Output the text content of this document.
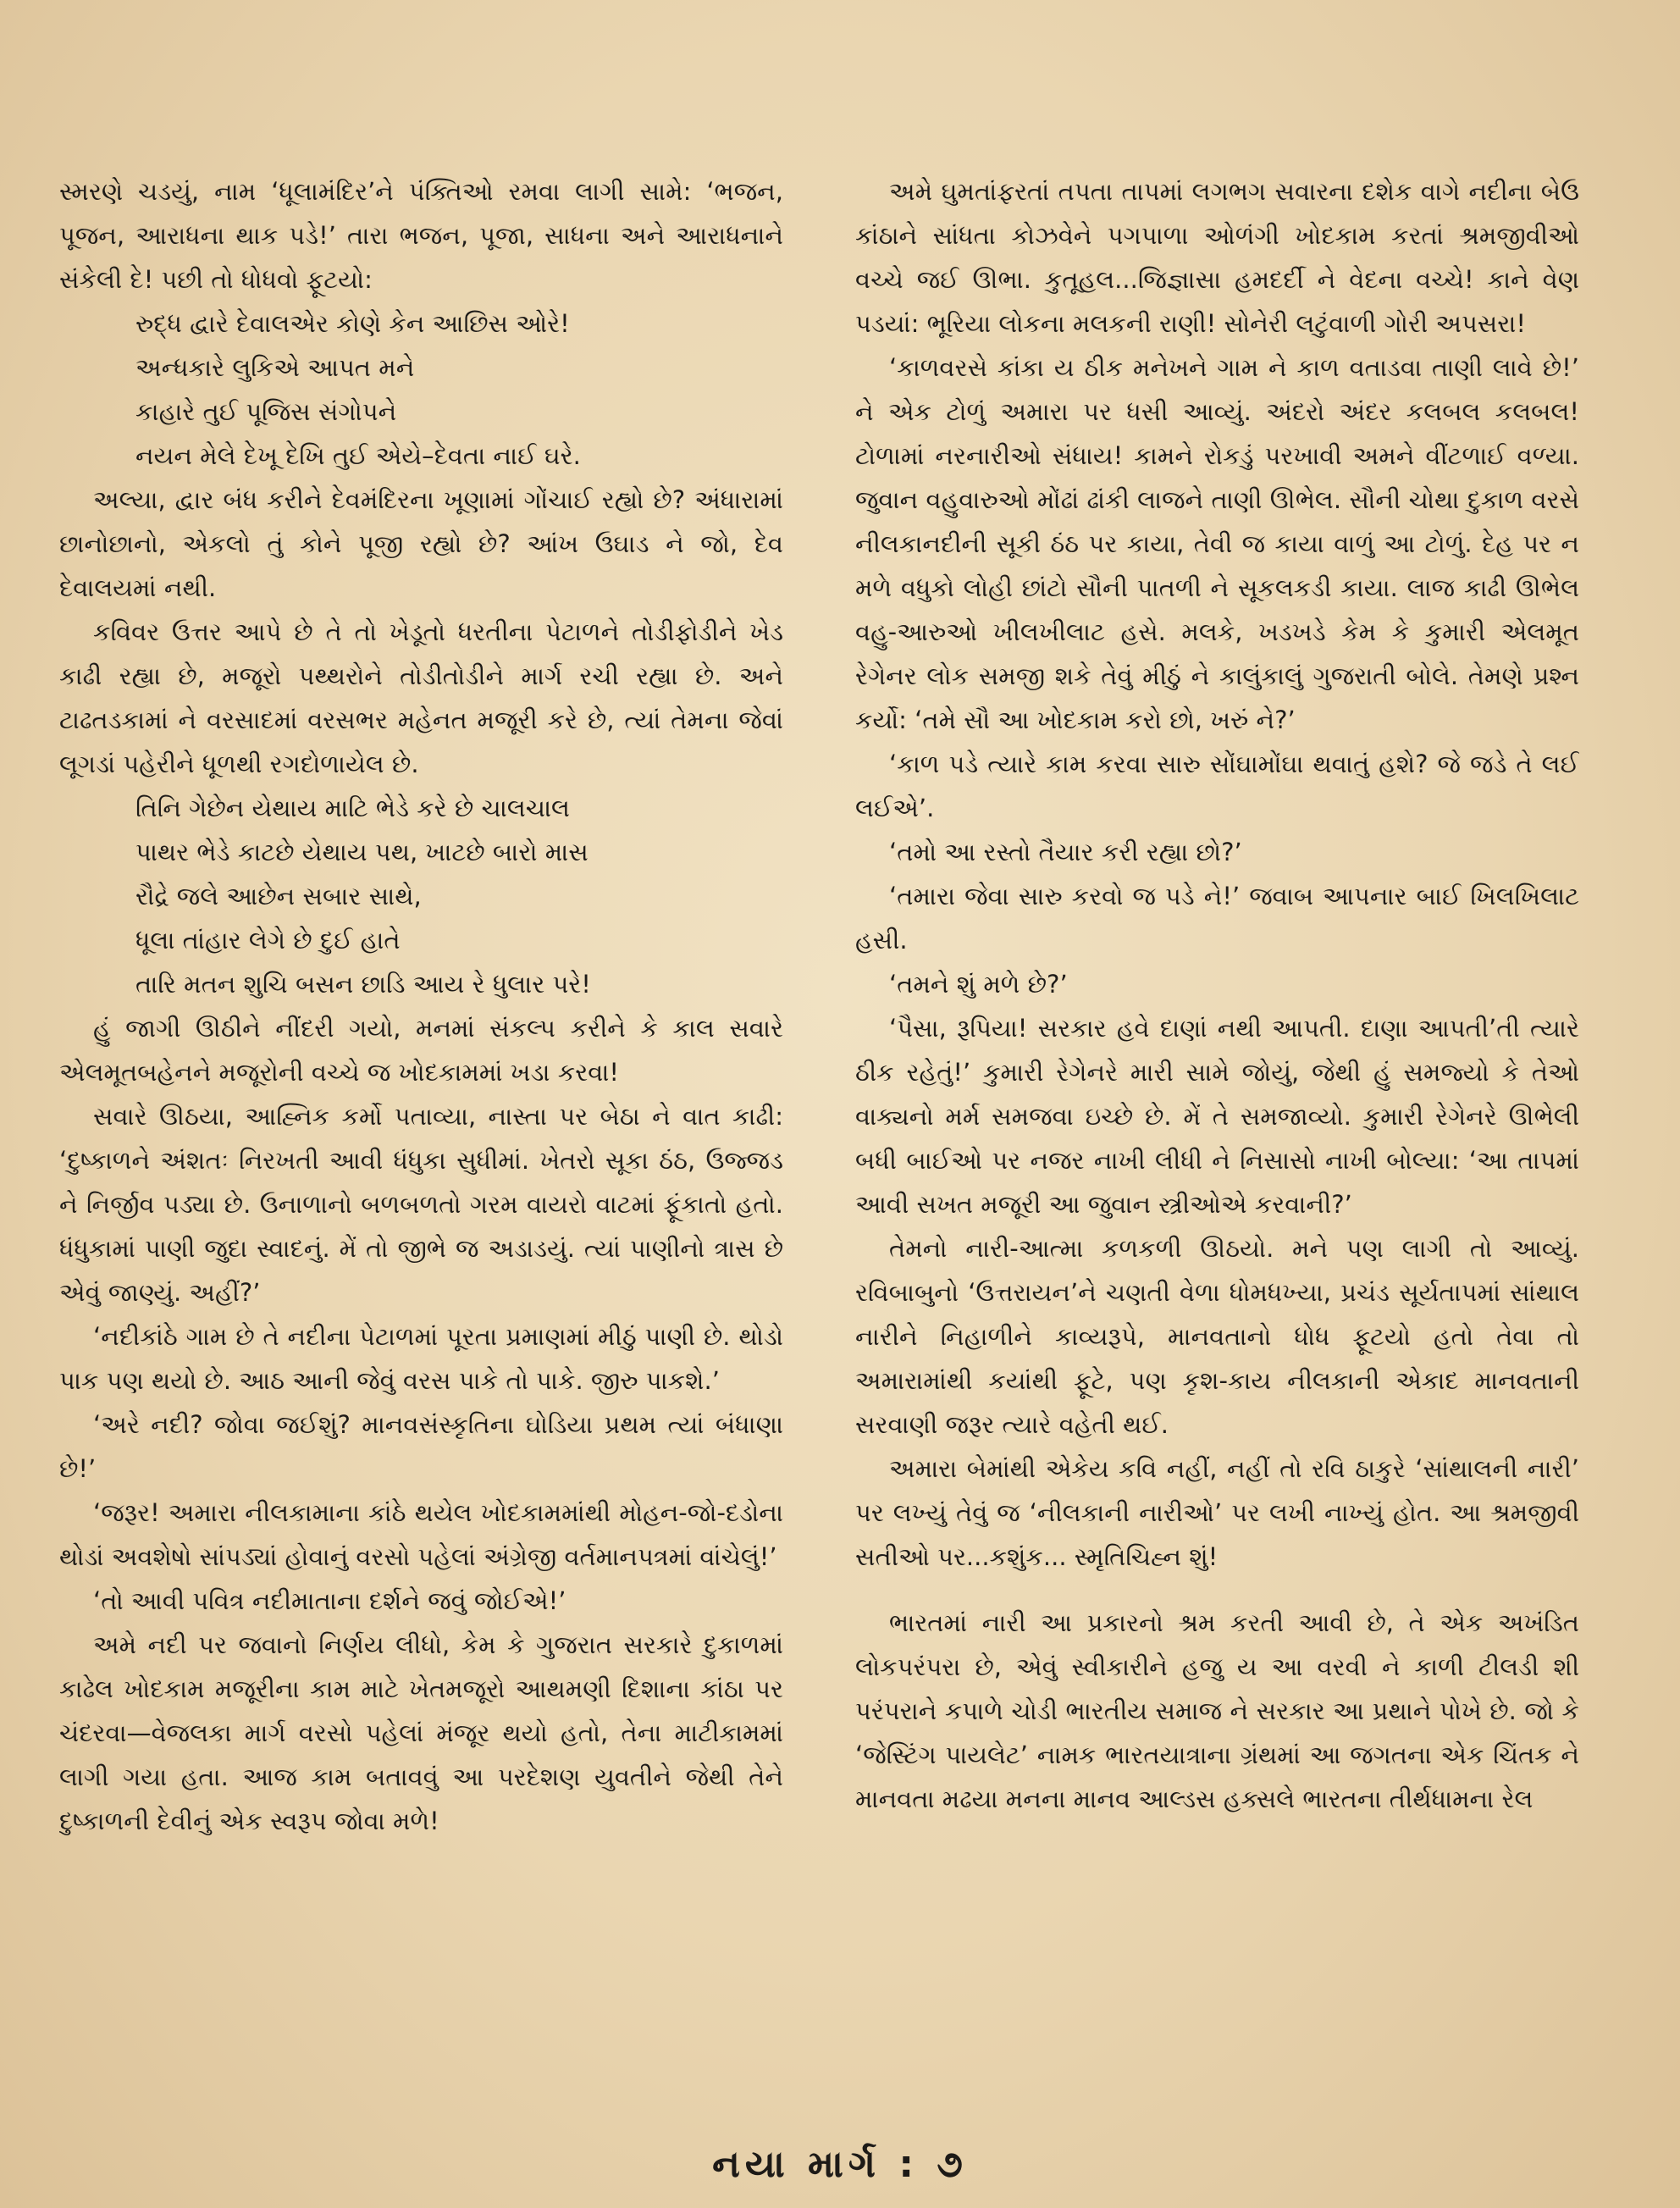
સ્મરણે ચડયું, નામ ‘ધૂલામંદિર’ને પંક્તિઓ રમવા લાગી સામે: ‘ભજન, પૂજન, આરાધના થાક પડે!’ તારા ભજન, પૂજા, સાધના અને આરાધનાને સંકેલી દે! પછી તો ધોધવો ફૂટયો:

રુદ્ધ દ્વારે દેવાલએર કોણે કેન આછિસ ઓરે!
અન્ધકારે લુકિએ આપત મને
કાહારે તુઈ પૂજિસ સંગોપને
નયન મેલે દેખૂ દેખિ તુઈ એયે–દેવતા નાઈ ઘરે.

અલ્યા, દ્વાર બંધ કરીને દેવમંદિરના ખૂણામાં ગોંચાઈ રહ્યો છે? અંધારામાં છાનોછાનો, એકલો તું કોને પૂજી રહ્યો છે? આંખ ઉઘાડ ને જો, દેવ દેવાલયમાં નથી.

કવિવર ઉત્તર આપે છે તે તો ખેડૂતો ધરતીના પેટાળને તોડીફોડીને ખેડ કાઢી રહ્યા છે, મજૂરો પથ્થરોને તોડીતોડીને માર્ગ રચી રહ્યા છે. અને ટાઢતડકામાં ને વરસાદમાં વરસભર મહેનત મજૂરી કરે છે, ત્યાં તેમના જેવાં લૂગડાં પહેરીને ધૂળથી રગદોળાયેલ છે.

તિનિ ગેછેન યેથાય માટિ ભેડે કરે છે ચાલચાલ
પાથર ભેડે કાટછે યેથાય પથ, ખાટછે બારો માસ
રૌદ્રે જલે આછેન સબાર સાથે,
ધૂલા તાંહાર લેગે છે દુઈ હાતે
તારિ મતન શુચિ બસન છાડિ આય રે ધુલાર પરે!

હું જાગી ઊઠીને નીંદરી ગયો, મનમાં સંકલ્પ કરીને કે કાલ સવારે એલમૂતબહેનને મજૂરોની વચ્ચે જ ખોદકામમાં ખડા કરવા!

સવારે ઊઠયા, આહ્નિક કર્મો પતાવ્યા, નાસ્તા પર બેઠા ને વાત કાઢી: ‘દુષ્કાળને અંશતઃ નિરખતી આવી ધંધુકા સુધીમાં. ખેતરો સૂકા ઠંઠ, ઉજ્જડ ને નિર્જીવ પડ્યા છે. ઉનાળાનો બળબળતો ગરમ વાયરો વાટમાં ફૂંકાતો હતો. ધંધુકામાં પાણી જુદા સ્વાદનું. મેં તો જીભે જ અડાડયું. ત્યાં પાણીનો ત્રાસ છે એવું જાણ્યું. અહીં?’

‘નદીકાંઠે ગામ છે તે નદીના પેટાળમાં પૂરતા પ્રમાણમાં મીઠું પાણી છે. થોડો પાક પણ થયો છે. આઠ આની જેવું વરસ પાકે તો પાકે. જીરુ પાકશે.’

‘અરે નદી? જોવા જઈશું? માનવસંસ્કૃતિના ઘોડિયા પ્રથમ ત્યાં બંધાણા છે!’

‘જરૂર! અમારા નીલકામાના કાંઠે થયેલ ખોદકામમાંથી મોહન-જો-દડોના થોડાં અવશેષો સાંપડ્યાં હોવાનું વરસો પહેલાં અંગ્રેજી વર્તમાનપત્રમાં વાંચેલું!’

‘તો આવી પવિત્ર નદીમાતાના દર્શને જવું જોઈએ!’

અમે નદી પર જવાનો નિર્ણય લીધો, કેમ કે ગુજરાત સરકારે દુકાળમાં કાઢેલ ખોદકામ મજૂરીના કામ માટે ખેતમજૂરો આથમણી દિશાના કાંઠા પર ચંદરવા—વેજલકા માર્ગ વરસો પહેલાં મંજૂર થયો હતો, તેના માટીકામમાં લાગી ગયા હતા. આજ કામ બતાવવું આ પરદેશણ યુવતીને જેથી તેને દુષ્કાળની દેવીનું એક સ્વરૂપ જોવા મળે!

અમે ઘુમતાંફરતાં તપતા તાપમાં લગભગ સવારના દશેક વાગે નદીના બેઉ કાંઠાને સાંધતા કોઝવેને પગપાળા ઓળંગી ખોદકામ કરતાં શ્રમજીવીઓ વચ્ચે જઈ ઊભા. કુતૂહલ...જિજ્ઞાસા હમદર્દી ને વેદના વચ્ચે! કાને વેણ પડયાં: ભૂરિયા લોકના મલકની રાણી! સોનેરી લટુંવાળી ગોરી અપસરા!

‘કાળવરસે કાંકા ય ઠીક મનેખને ગામ ને કાળ વતાડવા તાણી લાવે છે!’ ને એક ટોળું અમારા પર ધસી આવ્યું. અંદરો અંદર કલબલ કલબલ! ટોળામાં નરનારીઓ સંધાય! કામને રોકડું પરખાવી અમને વીંટળાઈ વળ્યા. જુવાન વહુવારુઓ મોંઢાં ઢાંકી લાજને તાણી ઊભેલ. સૌની ચોથા દુકાળ વરસે નીલકાનદીની સૂકી ઠંઠ પર કાયા, તેવી જ કાયા વાળું આ ટોળું. દેહ પર ન મળે વધુકો લોહી છાંટો સૌની પાતળી ને સૂકલકડી કાયા. લાજ કાઢી ઊભેલ વહુ-આરુઓ ખીલખીલાટ હસે. મલકે, ખડખડે કેમ કે કુમારી એલમૂત રેગેનર લોક સમજી શકે તેવું મીઠું ને કાલુંકાલું ગુજરાતી બોલે. તેમણે પ્રશ્ન કર્યો: ‘તમે સૌ આ ખોદકામ કરો છો, ખરું ને?’

‘કાળ પડે ત્યારે કામ કરવા સારુ સોંઘામોંઘા થવાતું હશે? જે જડે તે લઈ લઈએ’.

‘તમો આ રસ્તો તૈયાર કરી રહ્યા છો?’

‘તમારા જેવા સારુ કરવો જ પડે ને!’ જવાબ આપનાર બાઈ ખિલખિલાટ હસી.

‘તમને શું મળે છે?’

‘પૈસા, રૂપિયા! સરકાર હવે દાણાં નથી આપતી. દાણા આપતી’તી ત્યારે ઠીક રહેતું!’ કુમારી રેગેનરે મારી સામે જોયું, જેથી હું સમજ્યો કે તેઓ વાક્યનો મર્મ સમજવા ઇચ્છે છે. મેં તે સમજાવ્યો. કુમારી રેગેનરે ઊભેલી બધી બાઈઓ પર નજર નાખી લીધી ને નિસાસો નાખી બોલ્યા: ‘આ તાપમાં આવી સખત મજૂરી આ જુવાન સ્ત્રીઓએ કરવાની?’

તેમનો નારી-આત્મા કળકળી ઊઠયો. મને પણ લાગી તો આવ્યું. રવિબાબુનો ‘ઉત્તરાયન’ને ચણતી વેળા ધોમધખ્યા, પ્રચંડ સૂર્યતાપમાં સાંથાલ નારીને નિહાળીને કાવ્યરૂપે, માનવતાનો ધોધ ફૂટયો હતો તેવા તો અમારામાંથી કયાંથી ફૂટે, પણ કૃશ-કાય નીલકાની એકાદ માનવતાની સરવાણી જરૂર ત્યારે વહેતી થઈ.

અમારા બેમાંથી એકેય કવિ નહીં, નહીં તો રવિ ઠાકુરે ‘સાંથાલની નારી’ પર લખ્યું તેવું જ ‘નીલકાની નારીઓ’ પર લખી નાખ્યું હોત. આ શ્રમજીવી સતીઓ પર...કશુંક... સ્મૃતિચિહ્ન શું!

ભારતમાં નારી આ પ્રકારનો શ્રમ કરતી આવી છે, તે એક અખંડિત લોકપરંપરા છે, એવું સ્વીકારીને હજુ ય આ વરવી ને કાળી ટીલડી શી પરંપરાને કપાળે ચોડી ભારતીય સમાજ ને સરકાર આ પ્રથાને પોખે છે. જો કે ‘જેસ્ટિંગ પાયલેટ’ નામક ભારતયાત્રાના ગ્રંથમાં આ જગતના એક ચિંતક ને માનવતા મઢયા મનના માનવ આલ્ડસ હક્સલે ભારતના તીર્થધામના રેલ

નયા માર્ગ : ૭
